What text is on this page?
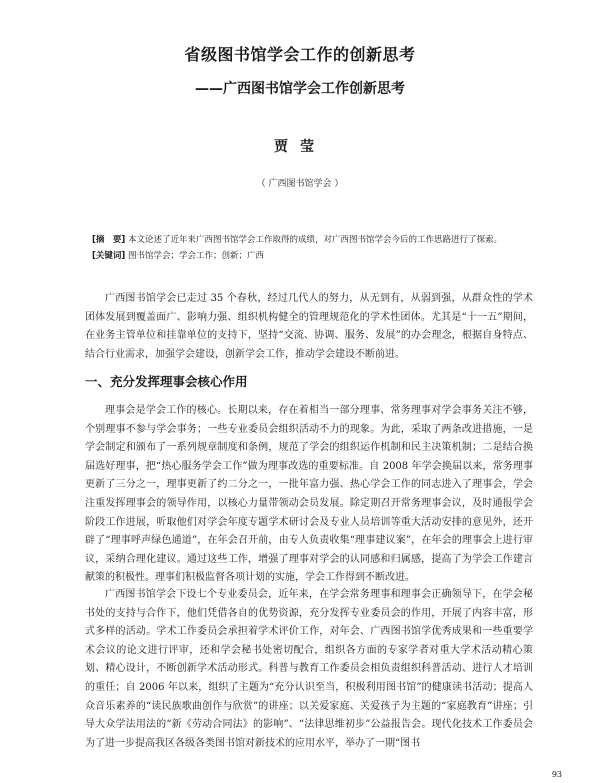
省级图书馆学会工作的创新思考
——广西图书馆学会工作创新思考
贾莹
（ 广西图书馆学会 ）
[摘　要] 本文论述了近年来广西图书馆学会工作取得的成绩，对广西图书馆学会今后的工作思路进行了探索。
[关键词] 图书馆学会；学会工作；创新；广西
广西图书馆学会已走过 35 个春秋，经过几代人的努力，从无到有，从弱到强，从群众性的学术团体发展到覆盖面广、影响力强、组织机构健全的管理规范化的学术性团体。尤其是“十一五”期间，在业务主管单位和挂靠单位的支持下，坚持“交流、协调、服务、发展”的办会理念，根据自身特点、结合行业需求，加强学会建设，创新学会工作，推动学会建设不断前进。
一、充分发挥理事会核心作用
理事会是学会工作的核心。长期以来，存在着相当一部分理事、常务理事对学会事务关注不够，个别理事不参与学会事务；一些专业委员会组织活动不力的现象。为此，采取了两条改进措施，一是学会制定和颁布了一系列规章制度和条例，规范了学会的组织运作机制和民主决策机制；二是结合换届选好理事，把“热心服务学会工作”做为理事改选的重要标准。自 2008 年学会换届以来，常务理事更新了三分之一，理事更新了约二分之一，一批年富力强、热心学会工作的同志进入了理事会，学会注重发挥理事会的领导作用，以核心力量带领动会员发展。除定期召开常务理事会议，及时通报学会阶段工作进展，听取他们对学会年度专题学术研讨会及专业人员培训等重大活动安排的意见外，还开辟了“理事呼声绿色通道”，在年会召开前，由专人负责收集“理事建议案”，在年会的理事会上进行审议，采纳合理化建议。通过这些工作，增强了理事对学会的认同感和归属感，提高了为学会工作建言献策的积极性。理事们积极监督各项计划的实施，学会工作得到不断改进。
广西图书馆学会下设七个专业委员会，近年来，在学会常务理事和理事会正确领导下，在学会秘书处的支持与合作下，他们凭借各自的优势资源，充分发挥专业委员会的作用，开展了内容丰富，形式多样的活动。学术工作委员会承担着学术评价工作，对年会、广西图书馆学优秀成果和一些重要学术会议的论文进行评审，还和学会秘书处密切配合，组织各方面的专家学者对重大学术活动精心策划、精心设计，不断创新学术活动形式。科普与教育工作委员会相负责组织科普活动、进行人才培训的重任；自 2006 年以来，组织了主题为“充分认识至当，积极利用图书馆”的健康读书活动；提高人众音乐素养的“读民族歌曲创作与欣赏”的讲座；以关爱家庭、关爱孩子为主题的“家庭教育”讲座；引导大众学法用法的“新《劳动合同法》的影响”、“法律思维初步”公益报告会。现代化技术工作委员会为了进一步提高我区各级各类图书馆对新技术的应用水平，举办了一期“图书
93
